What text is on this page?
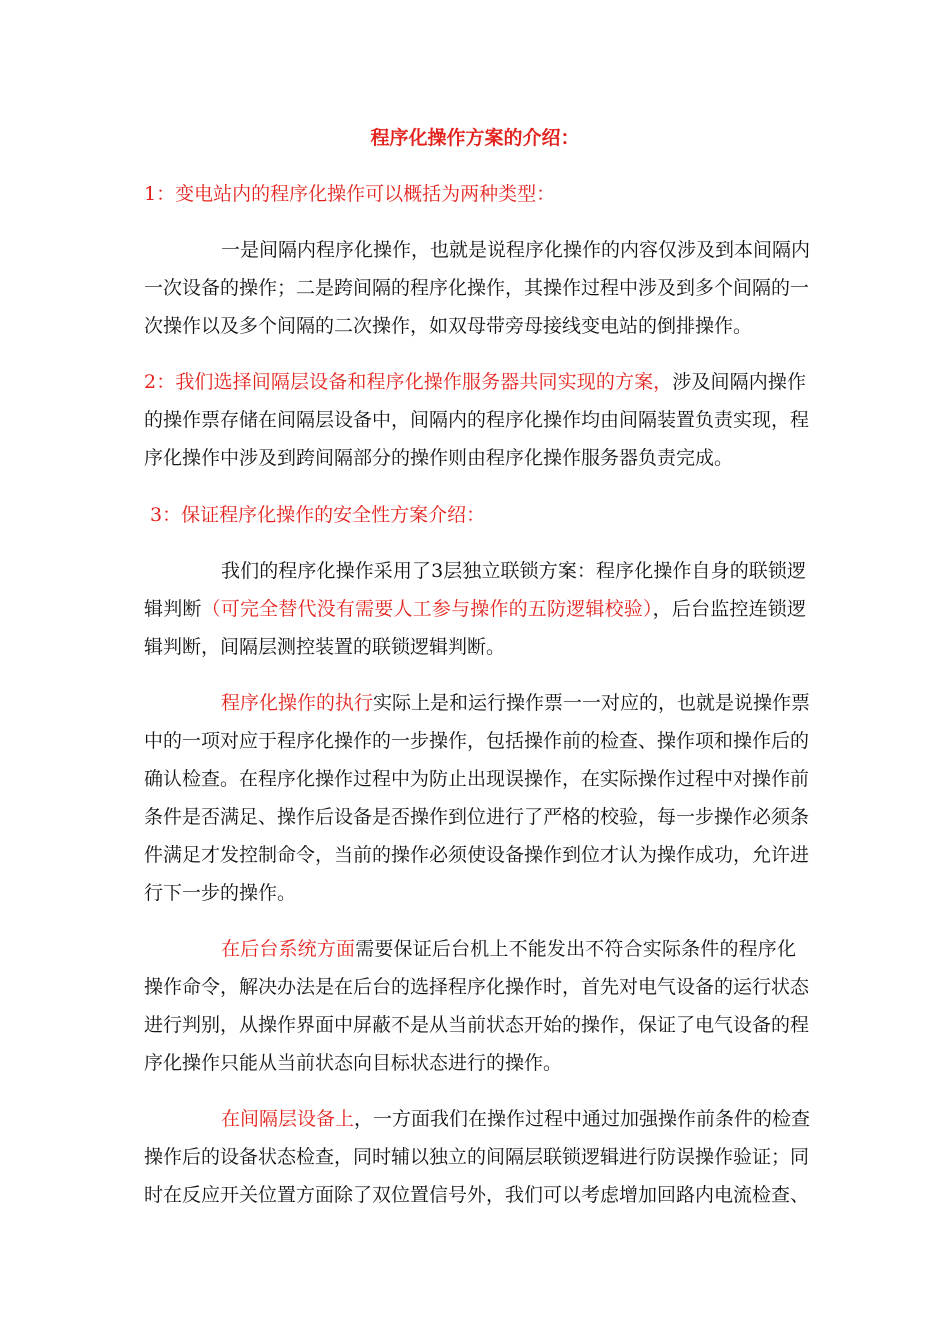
程序化操作方案的介绍：
1：变电站内的程序化操作可以概括为两种类型：
一是间隔内程序化操作，也就是说程序化操作的内容仅涉及到本间隔内
一次设备的操作；二是跨间隔的程序化操作，其操作过程中涉及到多个间隔的一
次操作以及多个间隔的二次操作，如双母带旁母接线变电站的倒排操作。
2：我们选择间隔层设备和程序化操作服务器共同实现的方案，涉及间隔内操作
的操作票存储在间隔层设备中，间隔内的程序化操作均由间隔装置负责实现，程
序化操作中涉及到跨间隔部分的操作则由程序化操作服务器负责完成。
3：保证程序化操作的安全性方案介绍：
我们的程序化操作采用了3层独立联锁方案：程序化操作自身的联锁逻
辑判断（可完全替代没有需要人工参与操作的五防逻辑校验），后台监控连锁逻
辑判断，间隔层测控装置的联锁逻辑判断。
程序化操作的执行实际上是和运行操作票一一对应的，也就是说操作票
中的一项对应于程序化操作的一步操作，包括操作前的检查、操作项和操作后的
确认检查。在程序化操作过程中为防止出现误操作，在实际操作过程中对操作前
条件是否满足、操作后设备是否操作到位进行了严格的校验，每一步操作必须条
件满足才发控制命令，当前的操作必须使设备操作到位才认为操作成功，允许进
行下一步的操作。
在后台系统方面需要保证后台机上不能发出不符合实际条件的程序化
操作命令，解决办法是在后台的选择程序化操作时，首先对电气设备的运行状态
进行判别，从操作界面中屏蔽不是从当前状态开始的操作，保证了电气设备的程
序化操作只能从当前状态向目标状态进行的操作。
在间隔层设备上，一方面我们在操作过程中通过加强操作前条件的检查
操作后的设备状态检查，同时辅以独立的间隔层联锁逻辑进行防误操作验证；同
时在反应开关位置方面除了双位置信号外，我们可以考虑增加回路内电流检查、
